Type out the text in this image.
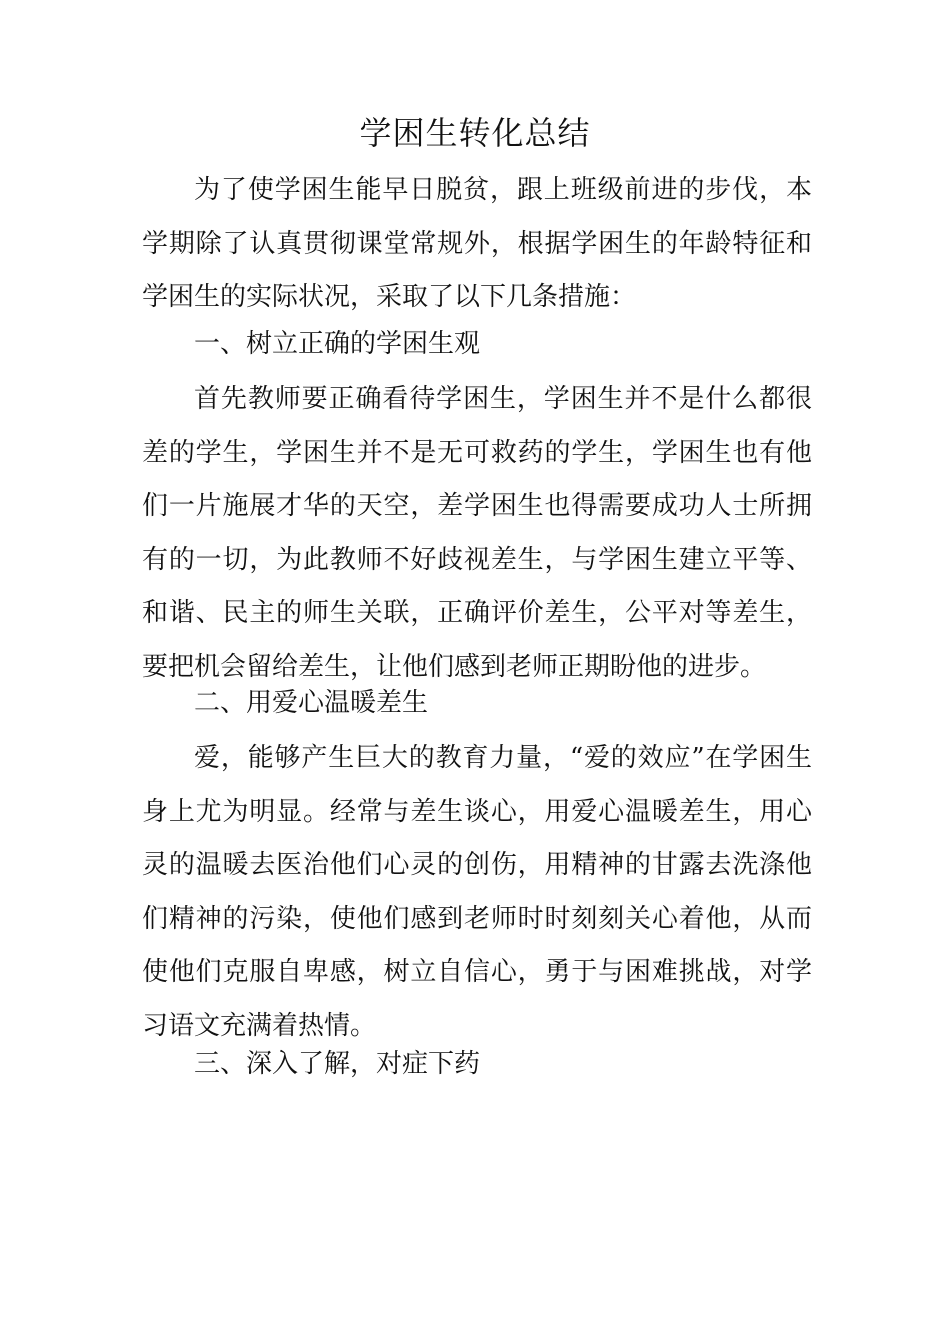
学困生转化总结

为了使学困生能早日脱贫，跟上班级前进的步伐，本学期除了认真贯彻课堂常规外，根据学困生的年龄特征和学困生的实际状况，采取了以下几条措施：

一、树立正确的学困生观

首先教师要正确看待学困生，学困生并不是什么都很差的学生，学困生并不是无可救药的学生，学困生也有他们一片施展才华的天空，差学困生也得需要成功人士所拥有的一切，为此教师不好歧视差生，与学困生建立平等、和谐、民主的师生关联，正确评价差生，公平对等差生，要把机会留给差生，让他们感到老师正期盼他的进步。

二、用爱心温暖差生

爱，能够产生巨大的教育力量，“爱的效应”在学困生身上尤为明显。经常与差生谈心，用爱心温暖差生，用心灵的温暖去医治他们心灵的创伤，用精神的甘露去洗涤他们精神的污染，使他们感到老师时时刻刻关心着他，从而使他们克服自卑感，树立自信心，勇于与困难挑战，对学习语文充满着热情。

三、深入了解，对症下药
